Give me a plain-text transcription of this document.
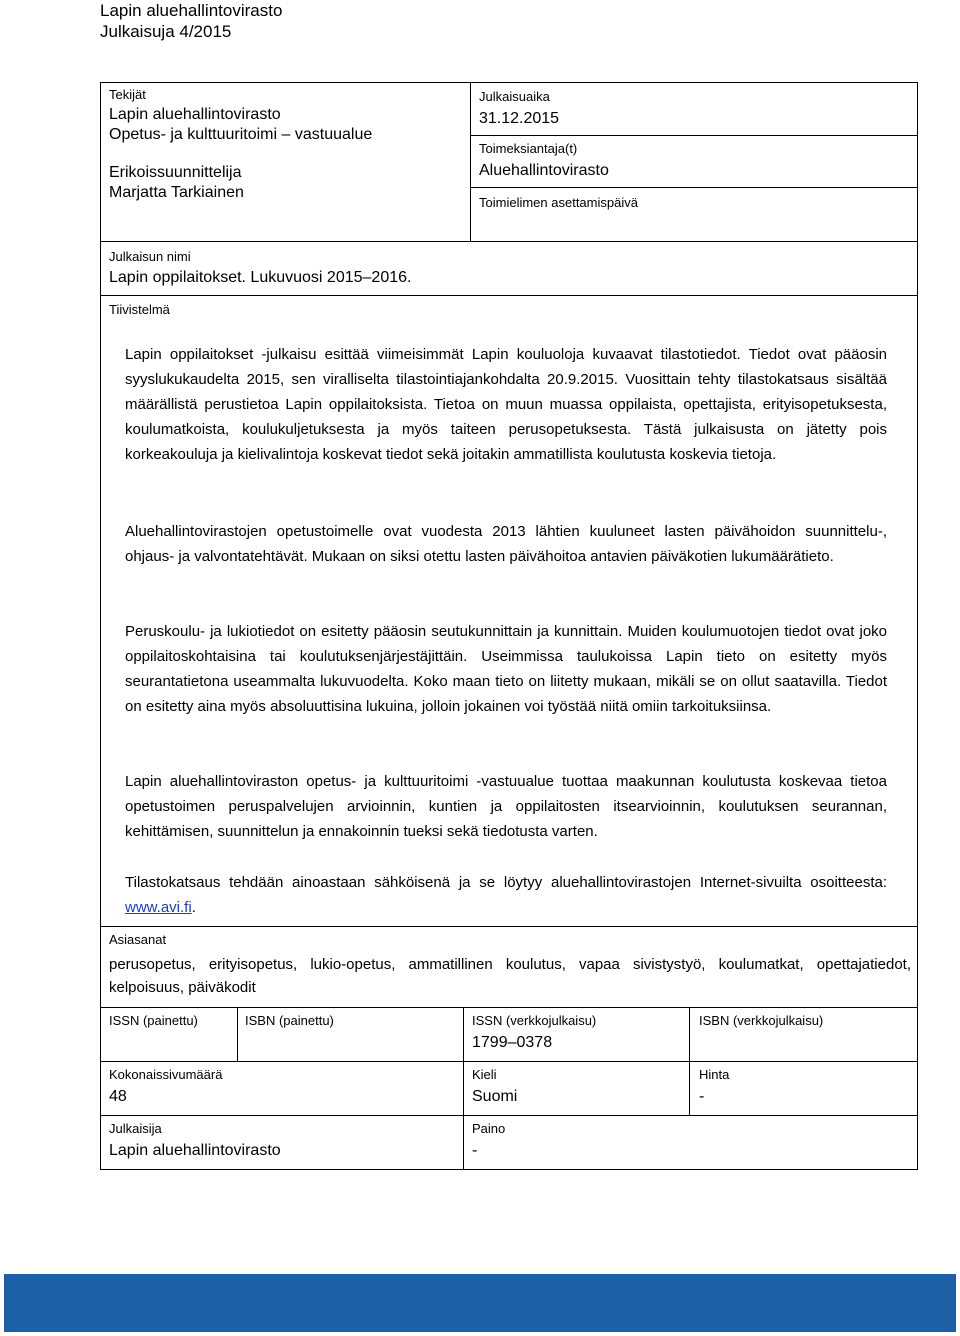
Lapin aluehallintovirasto
Julkaisuja 4/2015
Tekijät
Lapin aluehallintovirasto
Opetus- ja kulttuuritoimi – vastuualue
Erikoissuunnittelija
Marjatta Tarkiainen
Julkaisuaika
31.12.2015
Toimeksiantaja(t)
Aluehallintovirasto
Toimielimen asettamispäivä
Julkaisun nimi
Lapin oppilaitokset. Lukuvuosi 2015–2016.
Tiivistelmä
Lapin oppilaitokset -julkaisu esittää viimeisimmät Lapin kouluoloja kuvaavat tilastotiedot. Tiedot ovat pääosin syyslukukaudelta 2015, sen viralliselta tilastointiajankohdalta 20.9.2015. Vuosittain tehty tilastokatsaus sisältää määrällistä perustietoa Lapin oppilaitoksista. Tietoa on muun muassa oppilaista, opettajista, erityisopetuksesta, koulumatkoista, koulukuljetuksesta ja myös taiteen perusopetuksesta. Tästä julkaisusta on jätetty pois korkeakouluja ja kielivalintoja koskevat tiedot sekä joitakin ammatillista koulutusta koskevia tietoja.
Aluehallintovirastojen opetustoimelle ovat vuodesta 2013 lähtien kuuluneet lasten päivähoidon suunnittelu-, ohjaus- ja valvontatehtävät. Mukaan on siksi otettu lasten päivähoitoa antavien päiväkotien lukumäärätieto.
Peruskoulu- ja lukiotiedot on esitetty pääosin seutukunnittain ja kunnittain. Muiden koulumuotojen tiedot ovat joko oppilaitoskohtaisina tai koulutuksenjärjestäjittäin. Useimmissa taulukoissa Lapin tieto on esitetty myös seurantatietona useammalta lukuvuodelta. Koko maan tieto on liitetty mukaan, mikäli se on ollut saatavilla. Tiedot on esitetty aina myös absoluuttisina lukuina, jolloin jokainen voi työstää niitä omiin tarkoituksiinsa.
Lapin aluehallintoviraston opetus- ja kulttuuritoimi -vastuualue tuottaa maakunnan koulutusta koskevaa tietoa opetustoimen peruspalvelujen arvioinnin, kuntien ja oppilaitosten itsearvioinnin, koulutuksen seurannan, kehittämisen, suunnittelun ja ennakoinnin tueksi sekä tiedotusta varten.
Tilastokatsaus tehdään ainoastaan sähköisenä ja se löytyy aluehallintovirastojen Internet-sivuilta osoitteesta: www.avi.fi.
Asiasanat
perusopetus, erityisopetus, lukio-opetus, ammatillinen koulutus, vapaa sivistystyö, koulumatkat, opettajatiedot, kelpoisuus, päiväkodit
ISSN (painettu)	ISBN (painettu)	ISSN (verkkojulkaisu)
1799–0378
ISBN (verkkojulkaisu)
Kokonaissivumäärä
48
Kieli
Suomi
Hinta
-
Julkaisija
Lapin aluehallintovirasto
Paino
-
